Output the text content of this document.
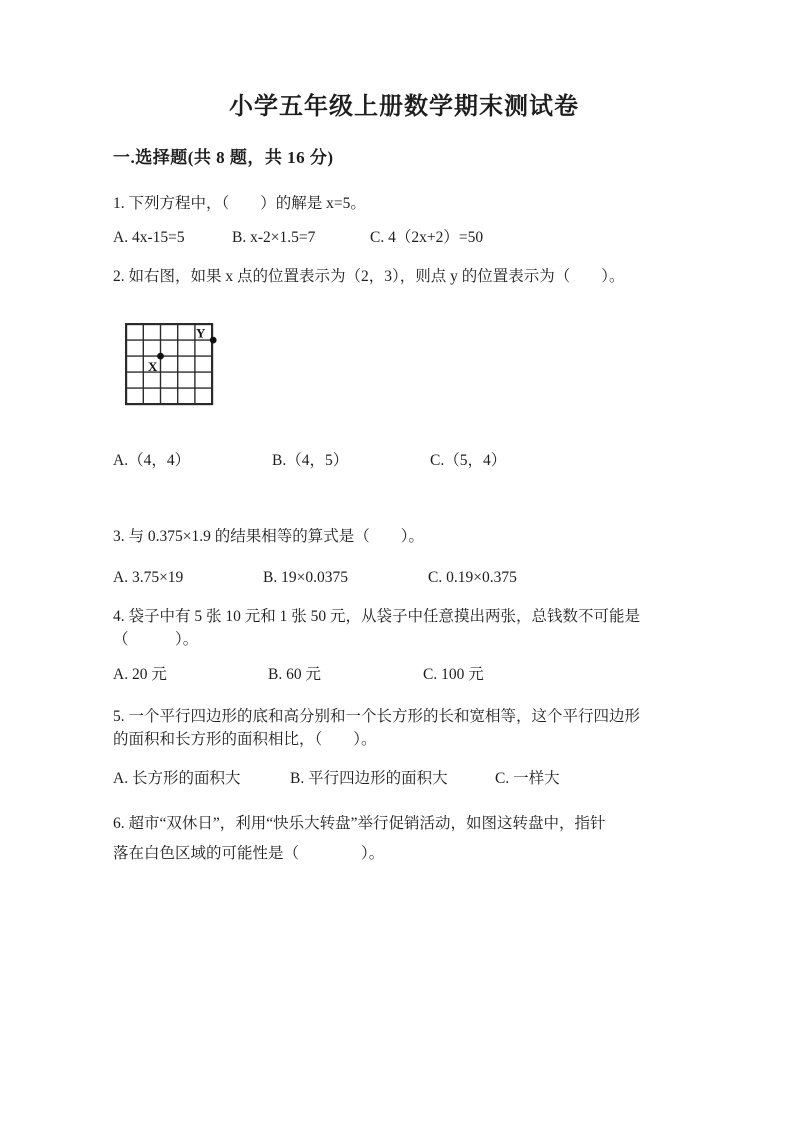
小学五年级上册数学期末测试卷
一.选择题(共 8 题，共 16 分)

1. 下列方程中，（　　）的解是 x=5。

A. 4x-15=5	B. x-2×1.5=7	C. 4（2x+2）=50

2. 如右图，如果 x 点的位置表示为（2，3），则点 y 的位置表示为（　　）。

X
Y
A.（4，4）	B.（4，5）	C.（5，4）

3. 与 0.375×1.9 的结果相等的算式是（　　）。

A. 3.75×19	B. 19×0.0375	C. 0.19×0.375

4. 袋子中有 5 张 10 元和 1 张 50 元，从袋子中任意摸出两张，总钱数不可能是
（　　　）。

A. 20 元	B. 60 元	C. 100 元

5. 一个平行四边形的底和高分别和一个长方形的长和宽相等，这个平行四边形
的面积和长方形的面积相比，（　　）。

A. 长方形的面积大	B. 平行四边形的面积大	C. 一样大

6. 超市“双休日”，利用“快乐大转盘”举行促销活动，如图这转盘中，指针
落在白色区域的可能性是（　　　　）。
